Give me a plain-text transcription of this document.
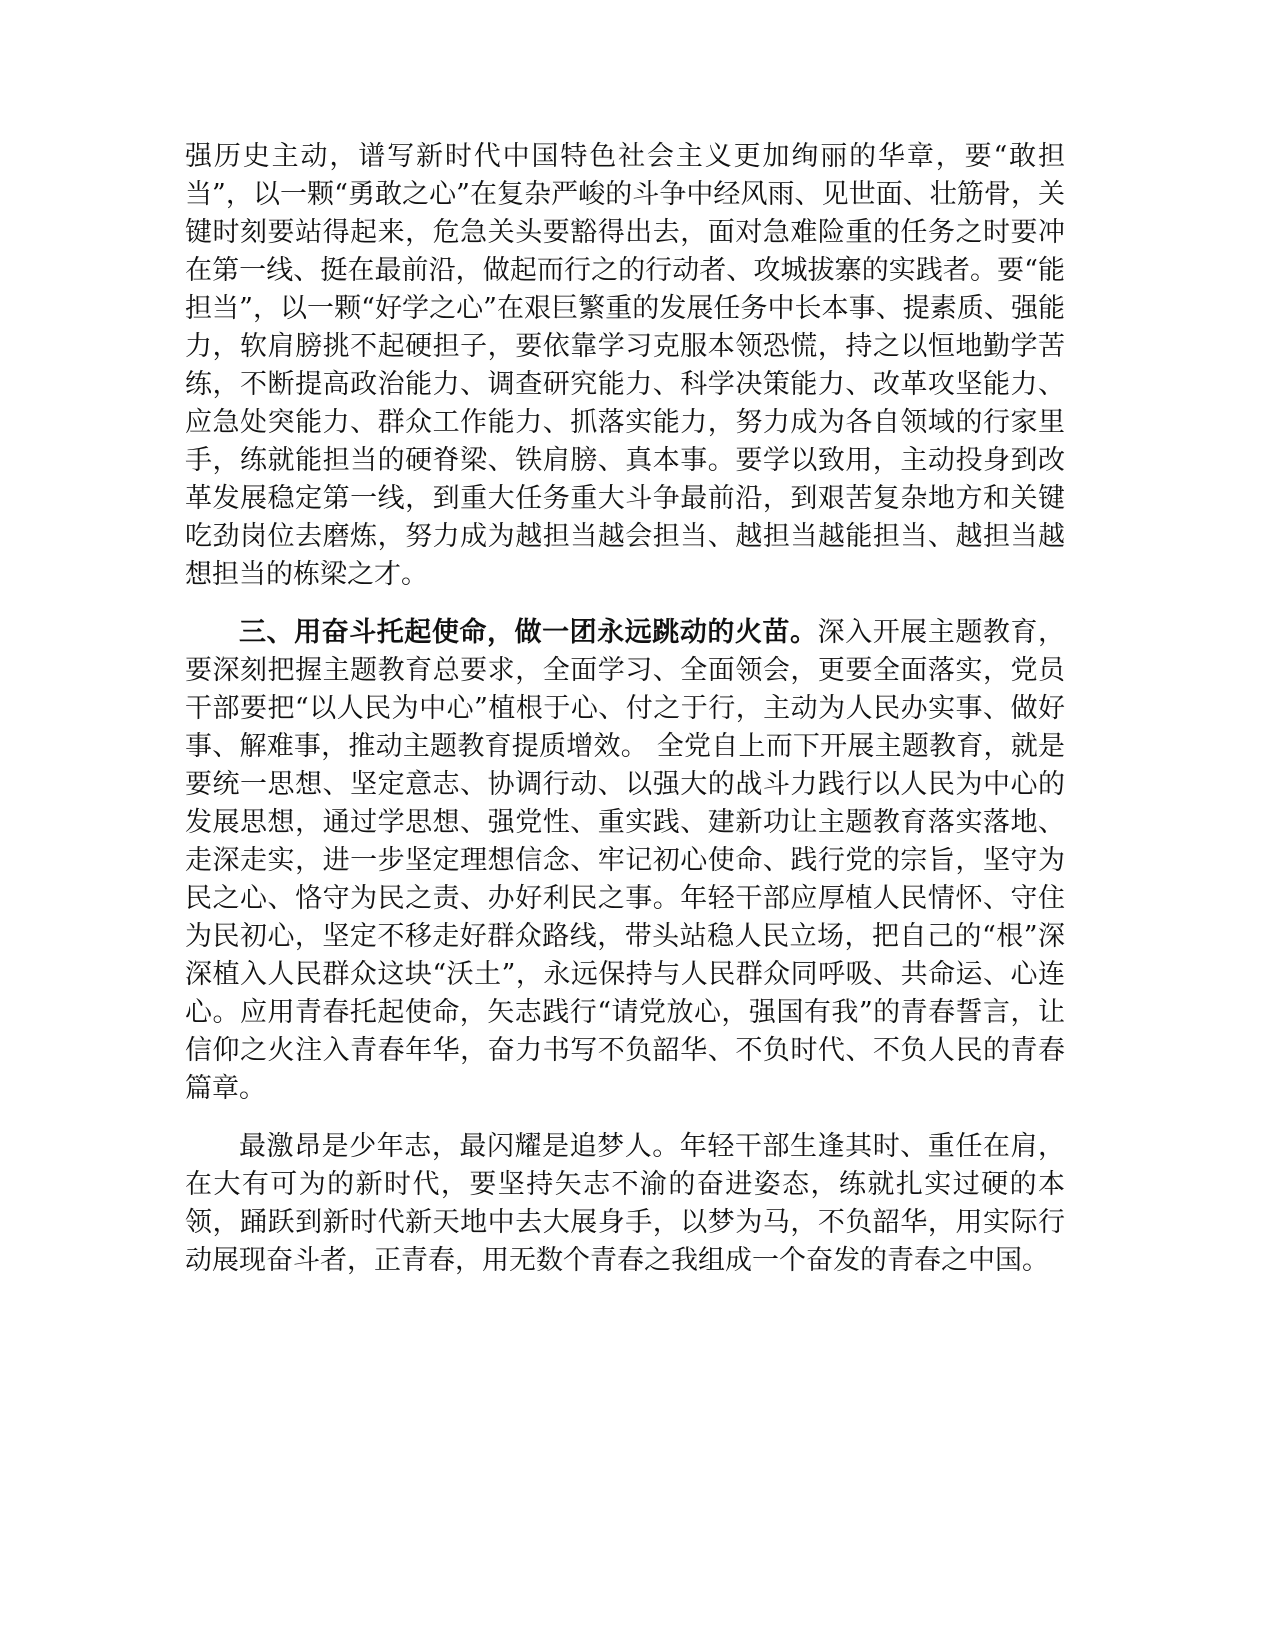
强历史主动，谱写新时代中国特色社会主义更加绚丽的华章，要“敢担当”，以一颗“勇敢之心”在复杂严峻的斗争中经风雨、见世面、壮筋骨，关键时刻要站得起来，危急关头要豁得出去，面对急难险重的任务之时要冲在第一线、挺在最前沿，做起而行之的行动者、攻城拔寨的实践者。要“能担当”，以一颗“好学之心”在艰巨繁重的发展任务中长本事、提素质、强能力，软肩膀挑不起硬担子，要依靠学习克服本领恐慌，持之以恒地勤学苦练，不断提高政治能力、调查研究能力、科学决策能力、改革攻坚能力、应急处突能力、群众工作能力、抓落实能力，努力成为各自领域的行家里手，练就能担当的硬脊梁、铁肩膀、真本事。要学以致用，主动投身到改革发展稳定第一线，到重大任务重大斗争最前沿，到艰苦复杂地方和关键吃劲岗位去磨炼，努力成为越担当越会担当、越担当越能担当、越担当越想担当的栋梁之才。

三、用奋斗托起使命，做一团永远跳动的火苗。深入开展主题教育，要深刻把握主题教育总要求，全面学习、全面领会，更要全面落实，党员干部要把“以人民为中心”植根于心、付之于行，主动为人民办实事、做好事、解难事，推动主题教育提质增效。 全党自上而下开展主题教育，就是要统一思想、坚定意志、协调行动、以强大的战斗力践行以人民为中心的发展思想，通过学思想、强党性、重实践、建新功让主题教育落实落地、走深走实，进一步坚定理想信念、牢记初心使命、践行党的宗旨，坚守为民之心、恪守为民之责、办好利民之事。年轻干部应厚植人民情怀、守住为民初心，坚定不移走好群众路线，带头站稳人民立场，把自己的“根”深深植入人民群众这块“沃土”，永远保持与人民群众同呼吸、共命运、心连心。应用青春托起使命，矢志践行“请党放心，强国有我”的青春誓言，让信仰之火注入青春年华，奋力书写不负韶华、不负时代、不负人民的青春篇章。

最激昂是少年志，最闪耀是追梦人。年轻干部生逢其时、重任在肩，在大有可为的新时代，要坚持矢志不渝的奋进姿态，练就扎实过硬的本领，踊跃到新时代新天地中去大展身手，以梦为马，不负韶华，用实际行动展现奋斗者，正青春，用无数个青春之我组成一个奋发的青春之中国。
